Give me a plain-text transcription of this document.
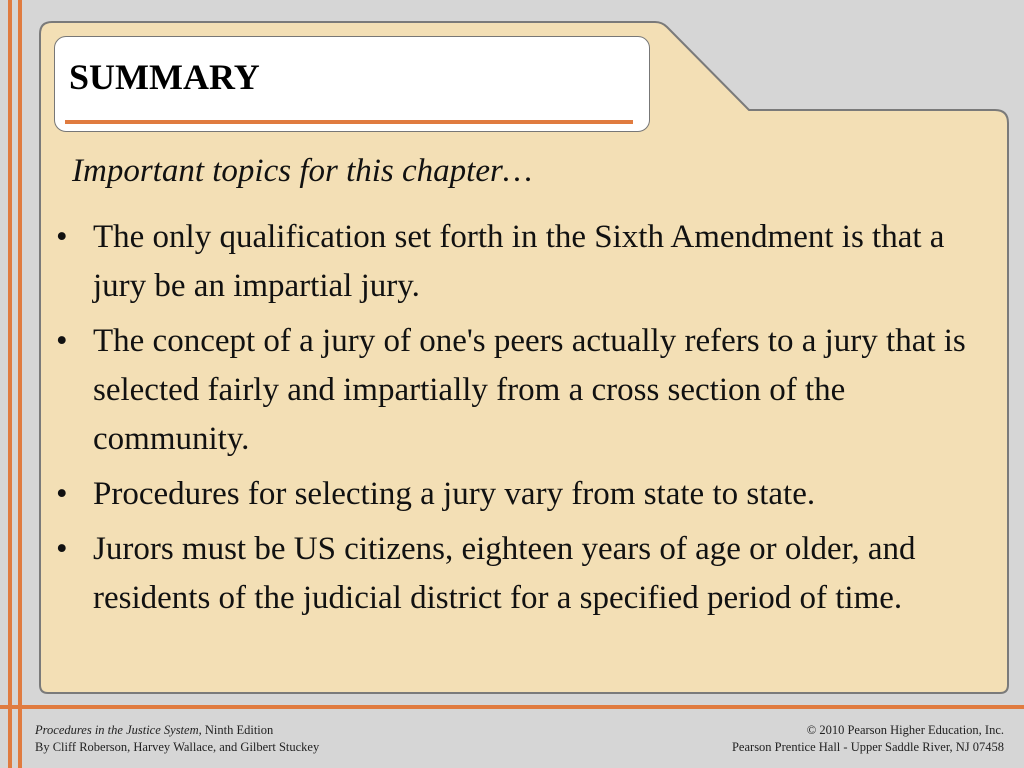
SUMMARY
Important topics for this chapter…
• The only qualification set forth in the Sixth Amendment is that a jury be an impartial jury.
• The concept of a jury of one's peers actually refers to a jury that is selected fairly and impartially from a cross section of the community.
• Procedures for selecting a jury vary from state to state.
• Jurors must be US citizens, eighteen years of age or older, and residents of the judicial district for a specified period of time.
Procedures in the Justice System, Ninth Edition
By Cliff Roberson, Harvey Wallace, and Gilbert Stuckey
© 2010 Pearson Higher Education, Inc.
Pearson Prentice Hall - Upper Saddle River, NJ 07458
